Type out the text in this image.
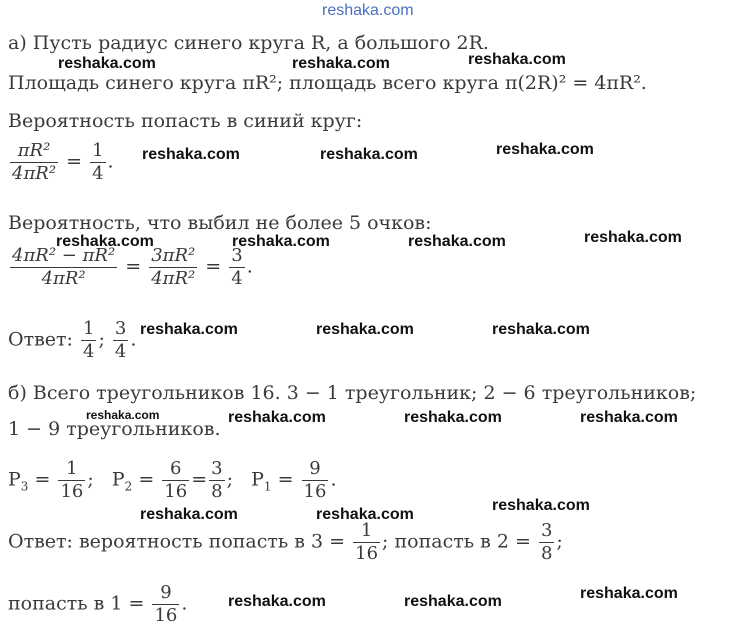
reshaka.com
а) Пусть радиус синего круга R, а большого 2R.
Площадь синего круга πR²; площадь всего круга π(2R)² = 4πR².
Вероятность попасть в синий круг:
$\frac{\text{πR²}}{\text{4πR²}} = \frac{1}{4}$ .
Вероятность, что выбил не более 5 очков:
$\frac{\text{4πR² − πR²}}{\text{4πR²}} = \frac{\text{3πR²}}{\text{4πR²}} = \frac{3}{4}$ .
Ответ: $\frac{1}{4}$ ; $\frac{3}{4}$ .
б) Всего треугольников 16. 3 − 1 треугольник; 2 − 6 треугольников;
1 − 9 треугольников.
$P_3 = \frac{1}{16}$ ;   $P_2 = \frac{6}{16} = \frac{3}{8}$ ;   $P_1 = \frac{9}{16}$ .
Ответ: вероятность попасть в $3 = \frac{1}{16}$ ; попасть в $2 = \frac{3}{8}$ ;
попасть в $1 = \frac{9}{16}$ .
reshaka.com	reshaka.com	reshaka.com
reshaka.com	reshaka.com	reshaka.com
reshaka.com	reshaka.com	reshaka.com	reshaka.com
reshaka.com	reshaka.com	reshaka.com
reshaka.com	reshaka.com	reshaka.com	reshaka.com
reshaka.com	reshaka.com
reshaka.com
reshaka.com	reshaka.com	reshaka.com
